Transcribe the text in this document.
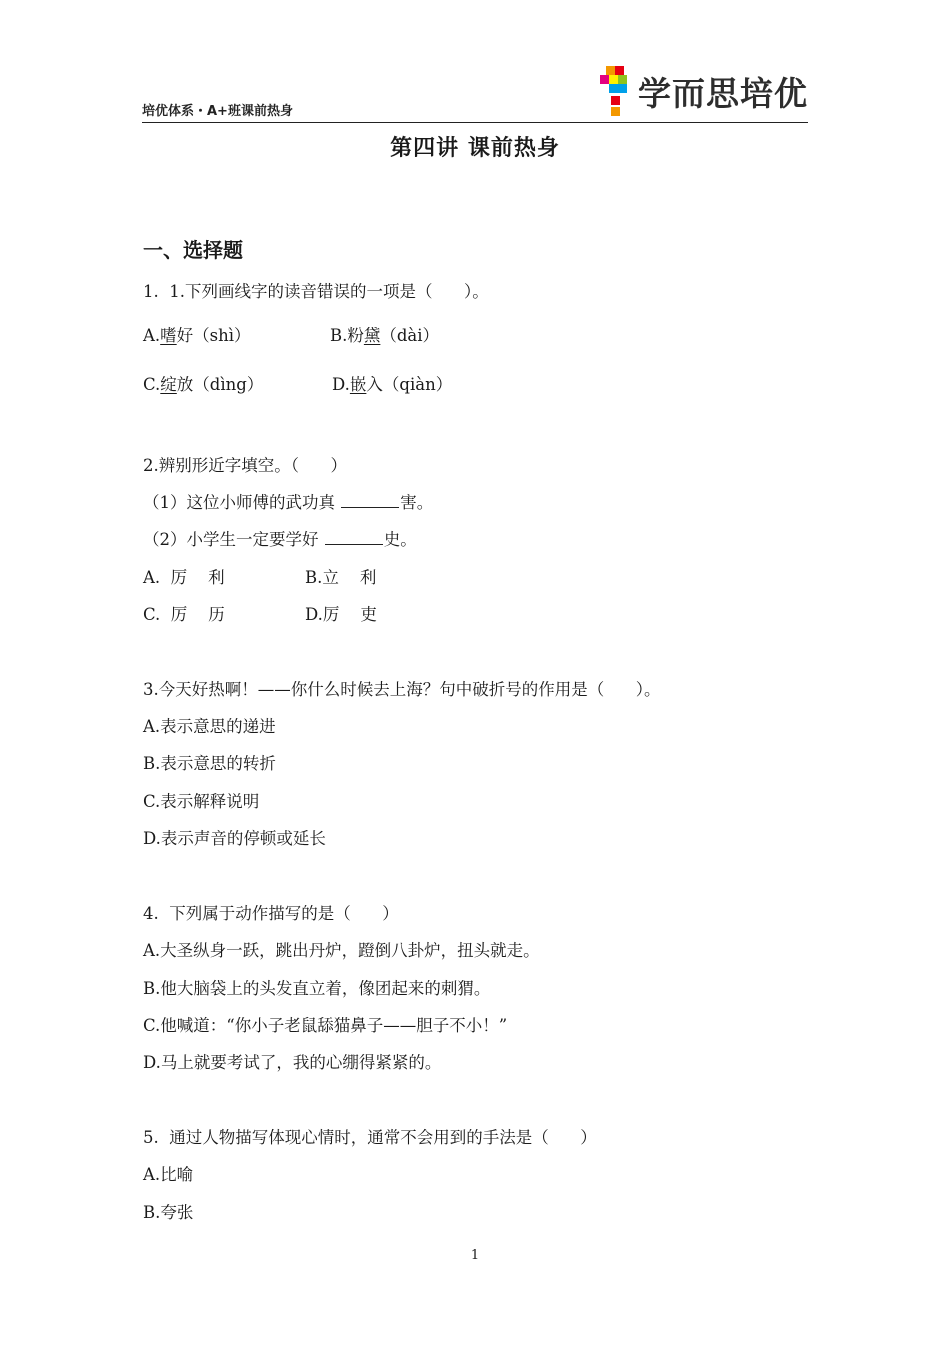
培优体系・A+班课前热身	学而思培优
第四讲 课前热身
一、选择题
1.  1.下列画线字的读音错误的一项是（      ）。
A.嗜好（shì）	B.粉黛（dài）
C.绽放（dìng）	D.嵌入（qiàn）
2.辨别形近字填空。（      ）
（1）这位小师傅的武功真	害。
（2）小学生一定要学好	史。
A.  厉    利	B.立    利
C.  厉    历	D.厉    吏
3.今天好热啊！——你什么时候去上海？句中破折号的作用是（      ）。
A.表示意思的递进
B.表示意思的转折
C.表示解释说明
D.表示声音的停顿或延长
4.  下列属于动作描写的是（      ）
A.大圣纵身一跃，跳出丹炉，蹬倒八卦炉，扭头就走。
B.他大脑袋上的头发直立着，像团起来的刺猬。
C.他喊道：“你小子老鼠舔猫鼻子——胆子不小！”
D.马上就要考试了，我的心绷得紧紧的。
5.  通过人物描写体现心情时，通常不会用到的手法是（      ）
A.比喻
B.夸张
1
